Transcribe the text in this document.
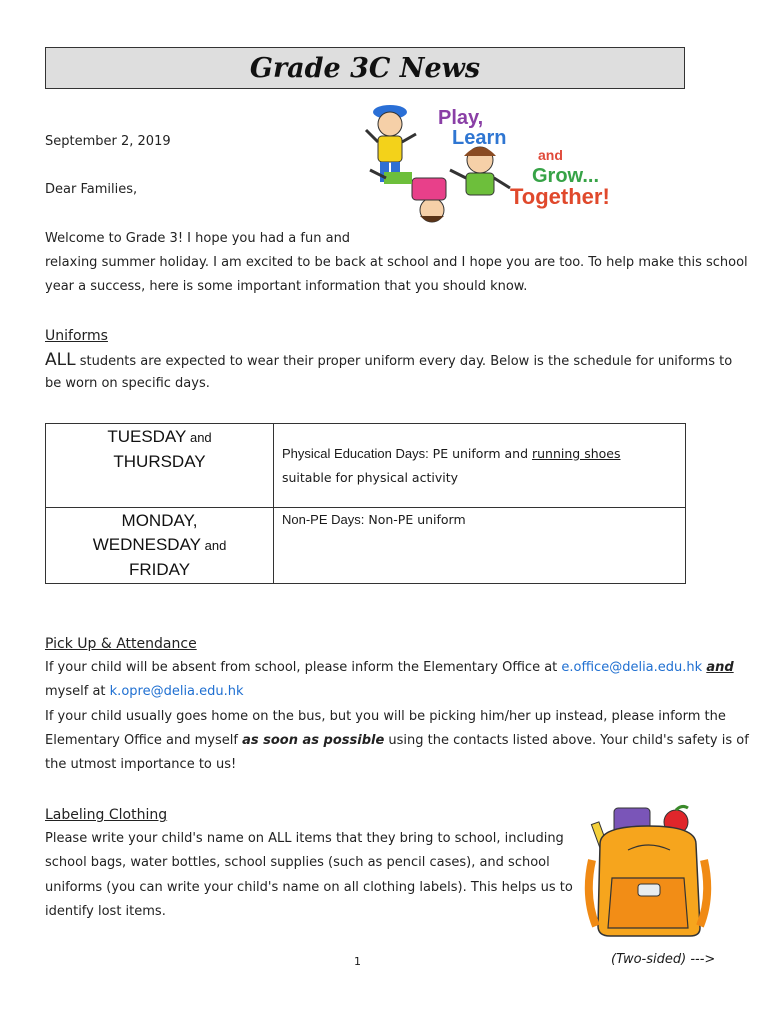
Grade 3C News
Play,
Learn
and
Grow...
Together!
September 2, 2019
Dear Families,
Welcome to Grade 3! I hope you had a fun and
relaxing summer holiday. I am excited to be back at school and I hope you are too. To help make this school
year a success, here is some important information that you should know.
Uniforms
ALL students are expected to wear their proper uniform every day. Below is the schedule for uniforms to
be worn on specific days.
TUESDAY and
THURSDAY	Physical Education Days: PE uniform and running shoes
suitable for physical activity
MONDAY,
WEDNESDAY and
FRIDAY	Non-PE Days: Non-PE uniform
Pick Up & Attendance
If your child will be absent from school, please inform the Elementary Office at e.office@delia.edu.hk and
myself at k.opre@delia.edu.hk
If your child usually goes home on the bus, but you will be picking him/her up instead, please inform the
Elementary Office and myself as soon as possible using the contacts listed above. Your child's safety is of
the utmost importance to us!
Labeling Clothing
Please write your child's name on ALL items that they bring to school, including
school bags, water bottles, school supplies (such as pencil cases), and school
uniforms (you can write your child's name on all clothing labels). This helps us to
identify lost items.
1	(Two-sided) --->
